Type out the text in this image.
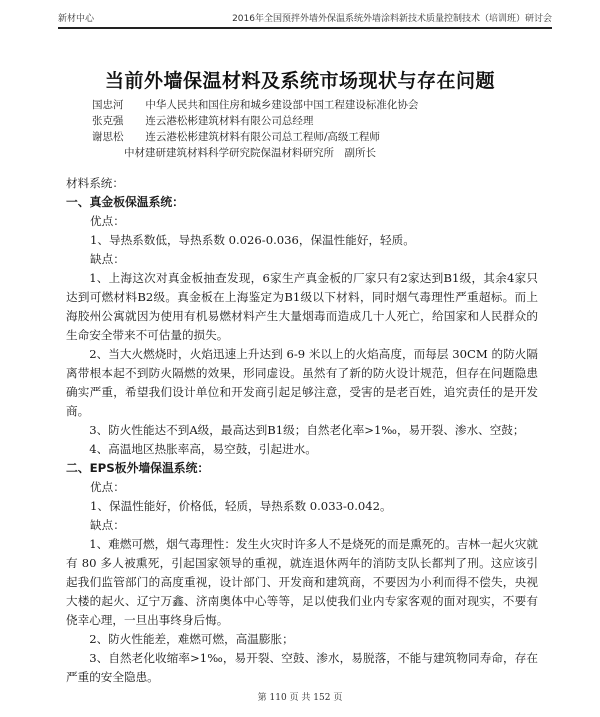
新材中心	2016年全国预拌外墙外保温系统外墙涂料新技术质量控制技术（培训班）研讨会
当前外墙保温材料及系统市场现状与存在问题
国忠河 中华人民共和国住房和城乡建设部中国工程建设标准化协会
张克强 连云港松彬建筑材料有限公司总经理
谢思松 连云港松彬建筑材料有限公司总工程师/高级工程师
中材建研建筑材料科学研究院保温材料研究所　副所长

材料系统：

一、真金板保温系统：

优点：

1、导热系数低，导热系数 0.026-0.036，保温性能好，轻质。

缺点：

1、上海这次对真金板抽查发现，6家生产真金板的厂家只有2家达到B1级，其余4家只达到可燃材料B2级。真金板在上海鉴定为B1级以下材料，同时烟气毒理性严重超标。而上海胶州公寓就因为使用有机易燃材料产生大量烟毒而造成几十人死亡，给国家和人民群众的生命安全带来不可估量的损失。

2、当大火燃烧时，火焰迅速上升达到 6-9 米以上的火焰高度，而每层 30CM 的防火隔离带根本起不到防火隔燃的效果，形同虚设。虽然有了新的防火设计规范，但存在问题隐患确实严重，希望我们设计单位和开发商引起足够注意，受害的是老百姓，追究责任的是开发商。

3、防火性能达不到A级，最高达到B1级；自然老化率>1‰，易开裂、渗水、空鼓；

4、高温地区热胀率高，易空鼓，引起进水。

二、EPS板外墙保温系统：

优点：

1、保温性能好，价格低，轻质，导热系数 0.033-0.042。

缺点：

1、难燃可燃，烟气毒理性：发生火灾时许多人不是烧死的而是熏死的。吉林一起火灾就有 80 多人被熏死，引起国家领导的重视，就连退休两年的消防支队长都判了刑。这应该引起我们监管部门的高度重视，设计部门、开发商和建筑商，不要因为小利而得不偿失，央视大楼的起火、辽宁万鑫、济南奥体中心等等，足以使我们业内专家客观的面对现实，不要有侥幸心理，一旦出事终身后悔。

2、防火性能差，难燃可燃，高温膨胀；

3、自然老化收缩率>1‰，易开裂、空鼓、渗水，易脱落，不能与建筑物同寿命，存在严重的安全隐患。

第 110 页 共 152 页
